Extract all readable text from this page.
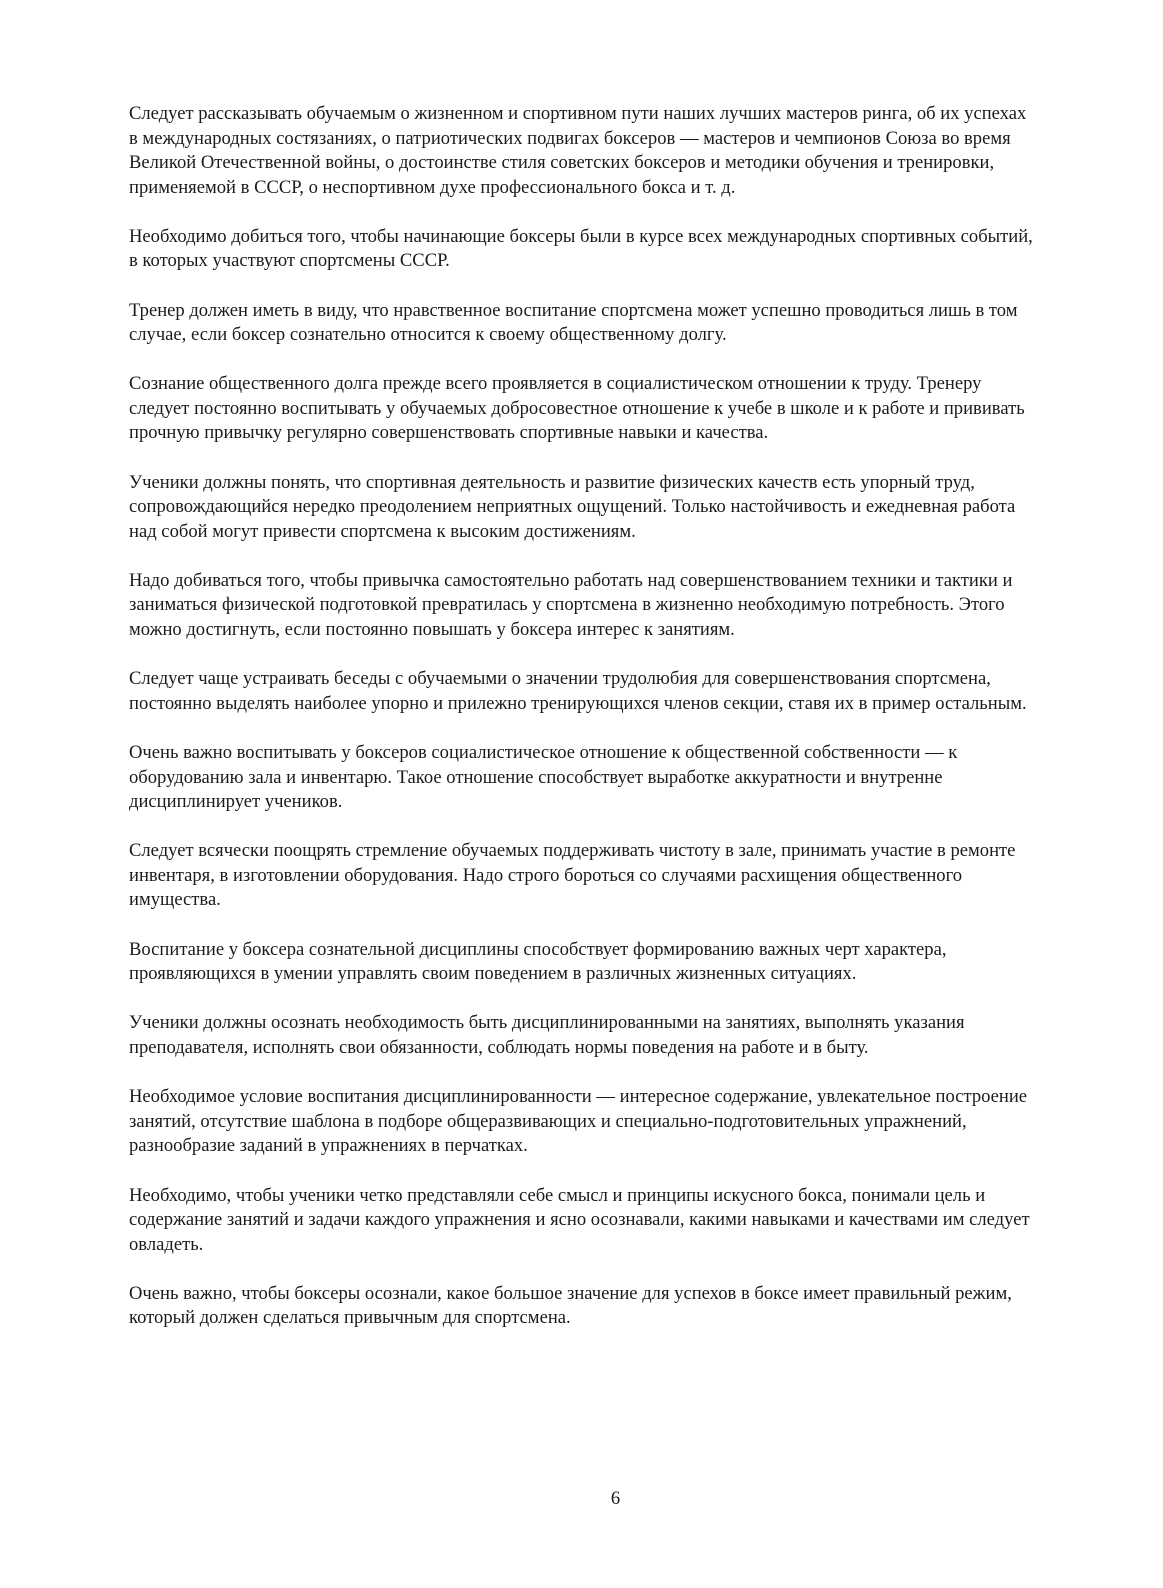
Следует рассказывать обучаемым о жизненном и спортивном пути наших лучших мастеров ринга, об их успехах в международных состязаниях, о патриотических подвигах боксеров — мастеров и чемпионов Союза во время Великой Отечественной войны, о достоинстве стиля советских боксеров и методики обучения и тренировки, применяемой в СССР, о неспортивном духе профессионального бокса и т. д.

Необходимо добиться того, чтобы начинающие боксеры были в курсе всех международных спортивных событий, в которых участвуют спортсмены СССР.

Тренер должен иметь в виду, что нравственное воспитание спортсмена может успешно проводиться лишь в том случае, если боксер сознательно относится к своему общественному долгу.

Сознание общественного долга прежде всего проявляется в социалистическом отношении к труду. Тренеру следует постоянно воспитывать у обучаемых добросовестное отношение к учебе в школе и к работе и прививать прочную привычку регулярно совершенствовать спортивные навыки и качества.

Ученики должны понять, что спортивная деятельность и развитие физических качеств есть упорный труд, сопровождающийся нередко преодолением неприятных ощущений. Только настойчивость и ежедневная работа над собой могут привести спортсмена к высоким достижениям.

Надо добиваться того, чтобы привычка самостоятельно работать над совершенствованием техники и тактики и заниматься физической подготовкой превратилась у спортсмена в жизненно необходимую потребность. Этого можно достигнуть, если постоянно повышать у боксера интерес к занятиям.

Следует чаще устраивать беседы с обучаемыми о значении трудолюбия для совершенствования спортсмена, постоянно выделять наиболее упорно и прилежно тренирующихся членов секции, ставя их в пример остальным.

Очень важно воспитывать у боксеров социалистическое отношение к общественной собственности — к оборудованию зала и инвентарю. Такое отношение способствует выработке аккуратности и внутренне дисциплинирует учеников.

Следует всячески поощрять стремление обучаемых поддерживать чистоту в зале, принимать участие в ремонте инвентаря, в изготовлении оборудования. Надо строго бороться со случаями расхищения общественного имущества.

Воспитание у боксера сознательной дисциплины способствует формированию важных черт характера, проявляющихся в умении управлять своим поведением в различных жизненных ситуациях.

Ученики должны осознать необходимость быть дисциплинированными на занятиях, выполнять указания преподавателя, исполнять свои обязанности, соблюдать нормы поведения на работе и в быту.

Необходимое условие воспитания дисциплинированности — интересное содержание, увлекательное построение занятий, отсутствие шаблона в подборе общеразвивающих и специально-подготовительных упражнений, разнообразие заданий в упражнениях в перчатках.

Необходимо, чтобы ученики четко представляли себе смысл и принципы искусного бокса, понимали цель и содержание занятий и задачи каждого упражнения и ясно осознавали, какими навыками и качествами им следует овладеть.

Очень важно, чтобы боксеры осознали, какое большое значение для успехов в боксе имеет правильный режим, который должен сделаться привычным для спортсмена.

6
